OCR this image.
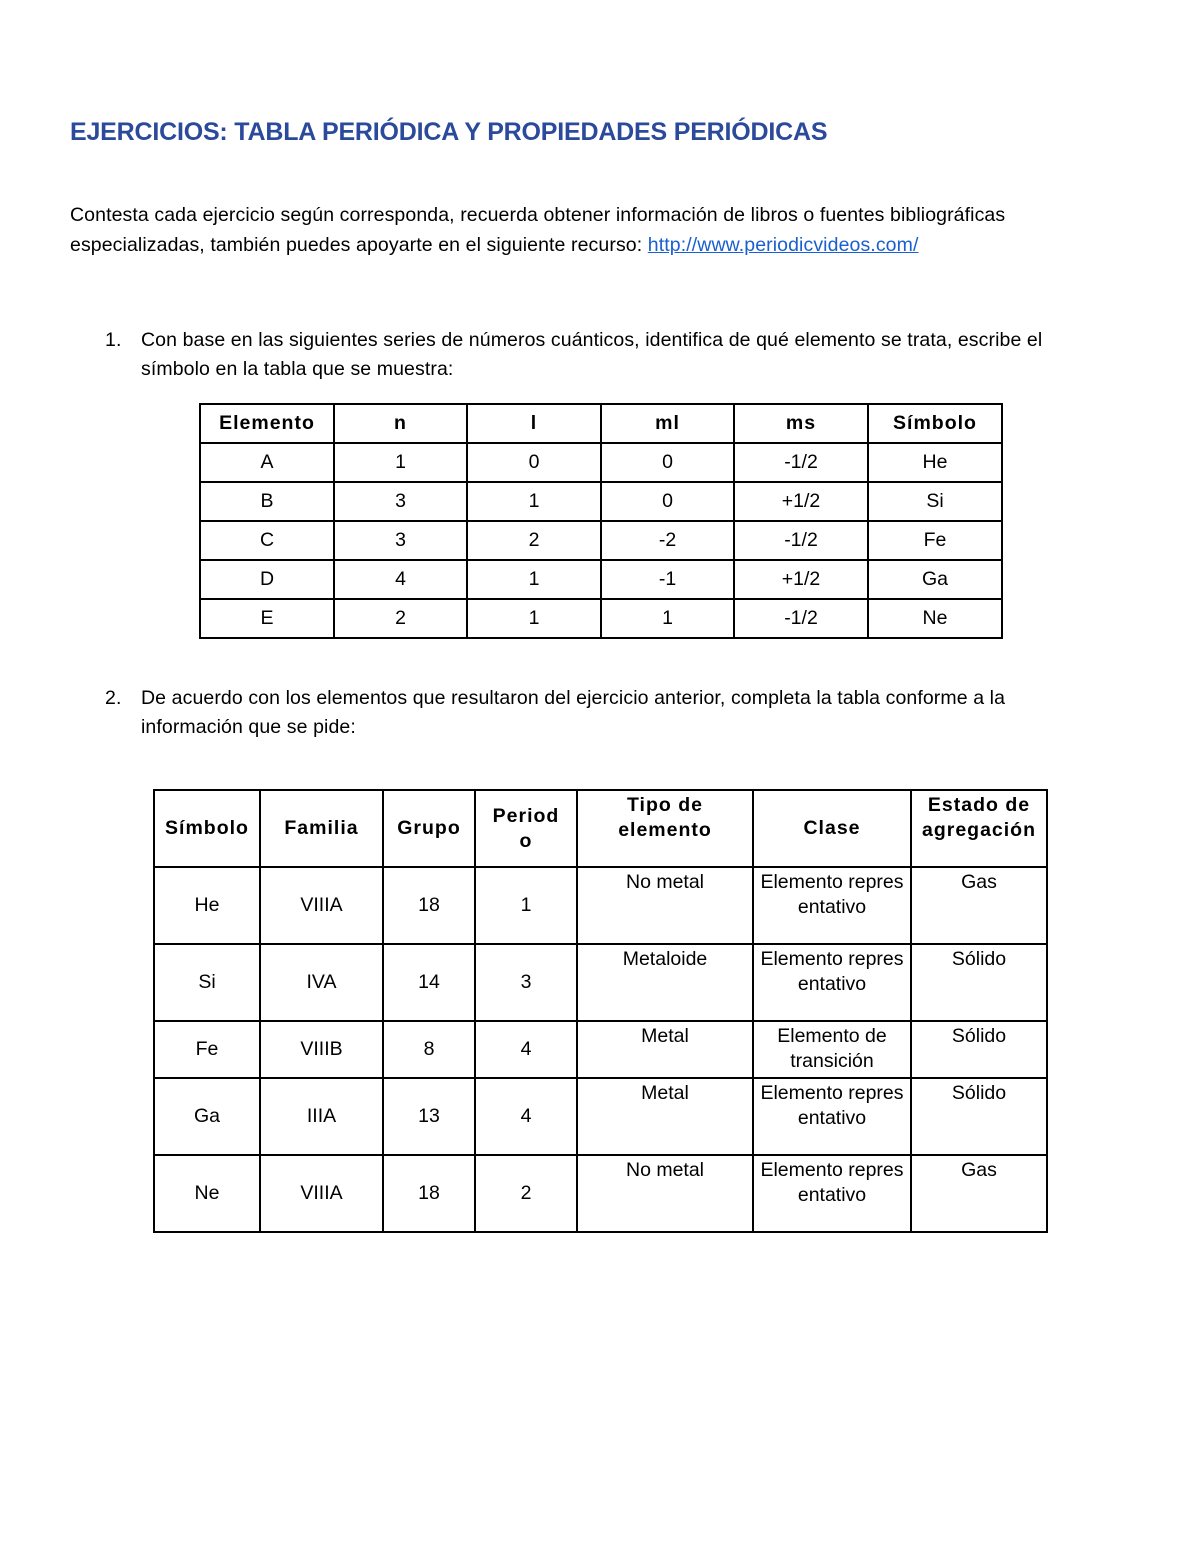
EJERCICIOS: TABLA PERIÓDICA Y PROPIEDADES PERIÓDICAS
Contesta cada ejercicio según corresponda, recuerda obtener información de libros o fuentes bibliográficas
especializadas, también puedes apoyarte en el siguiente recurso: http://www.periodicvideos.com/
1. Con base en las siguientes series de números cuánticos, identifica de qué elemento se trata, escribe el
símbolo en la tabla que se muestra:
Elemento	n	l	ml	ms	Símbolo
A	1	0	0	-1/2	He
B	3	1	0	+1/2	Si
C	3	2	-2	-1/2	Fe
D	4	1	-1	+1/2	Ga
E	2	1	1	-1/2	Ne
2. De acuerdo con los elementos que resultaron del ejercicio anterior, completa la tabla conforme a la
información que se pide:
Símbolo	Familia	Grupo	Periodo	Tipo de elemento	Clase	Estado de agregación
He	VIIIA	18	1	No metal	Elemento representativo	Gas
Si	IVA	14	3	Metaloide	Elemento representativo	Sólido
Fe	VIIIB	8	4	Metal	Elemento de transición	Sólido
Ga	IIIA	13	4	Metal	Elemento representativo	Sólido
Ne	VIIIA	18	2	No metal	Elemento representativo	Gas
